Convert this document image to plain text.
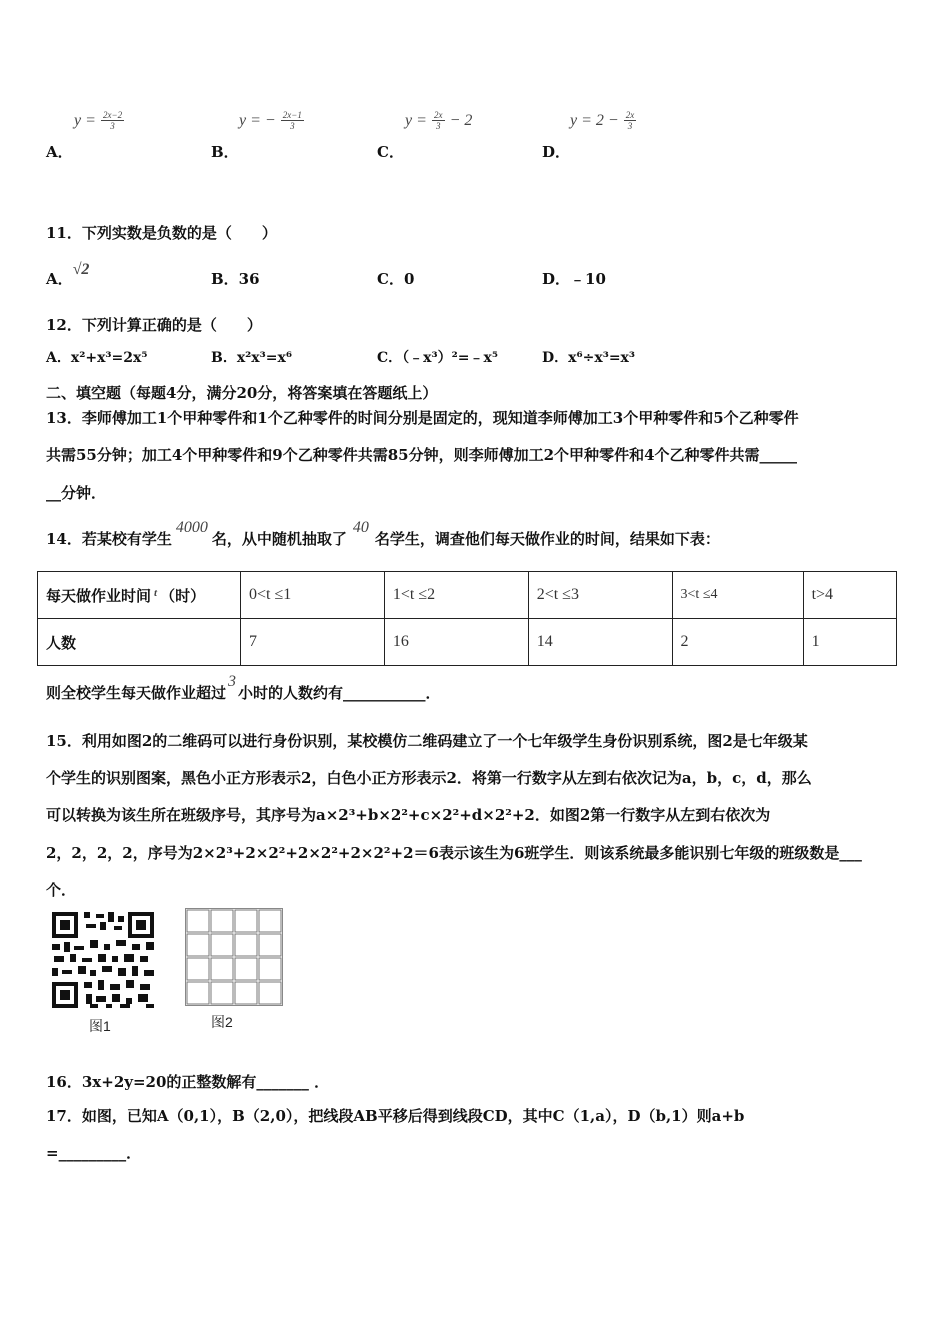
$y = \frac{2x-2}{3}$
A．
y = − $\frac{2x-1}{3}$
B．
$y = \frac{2x}{3} - 2$
C．
$y = 2 - \frac{2x}{3}$
D．
11．下列实数是负数的是（　　）
A．√2
B．36	C．0	D．﹣10
12．下列计算正确的是（　　）
A．x²+x³=2x⁵	B．x²x³=x⁶	C．（﹣x³）²=﹣x⁵	D．x⁶÷x³=x³
二、填空题（每题4分，满分20分，将答案填在答题纸上）
13．李师傅加工1个甲种零件和1个乙种零件的时间分别是固定的，现知道李师傅加工3个甲种零件和5个乙种零件
共需55分钟；加工4个甲种零件和9个乙种零件共需85分钟，则李师傅加工2个甲种零件和4个乙种零件共需_____
__分钟．
14．若某校有学生4000名，从中随机抽取了40名学生，调查他们每天做作业的时间，结果如下表：
每天做作业时间 $^t$ （时）	0<t ≤1	1<t ≤2	2<t ≤3	3<t ≤4	t>4
人数	7	16	14	2	1
则全校学生每天做作业超过3小时的人数约有___________．
15．利用如图2的二维码可以进行身份识别，某校模仿二维码建立了一个七年级学生身份识别系统，图2是七年级某
个学生的识别图案，黑色小正方形表示2，白色小正方形表示2．将第一行数字从左到右依次记为a，b，c，d，那么
可以转换为该生所在班级序号，其序号为a×2³+b×2²+c×2²+d×2²+2．如图2第一行数字从左到右依次为
2，2，2，2，序号为2×2³+2×2²+2×2²+2×2²+2＝6表示该生为6班学生．则该系统最多能识别七年级的班级数是___
个．
图1	图2
16．3x+2y=20的正整数解有_______ ．
17．如图，已知A（0,1），B（2,0），把线段AB平移后得到线段CD，其中C（1,a），D（b,1）则a+b
=_________．
